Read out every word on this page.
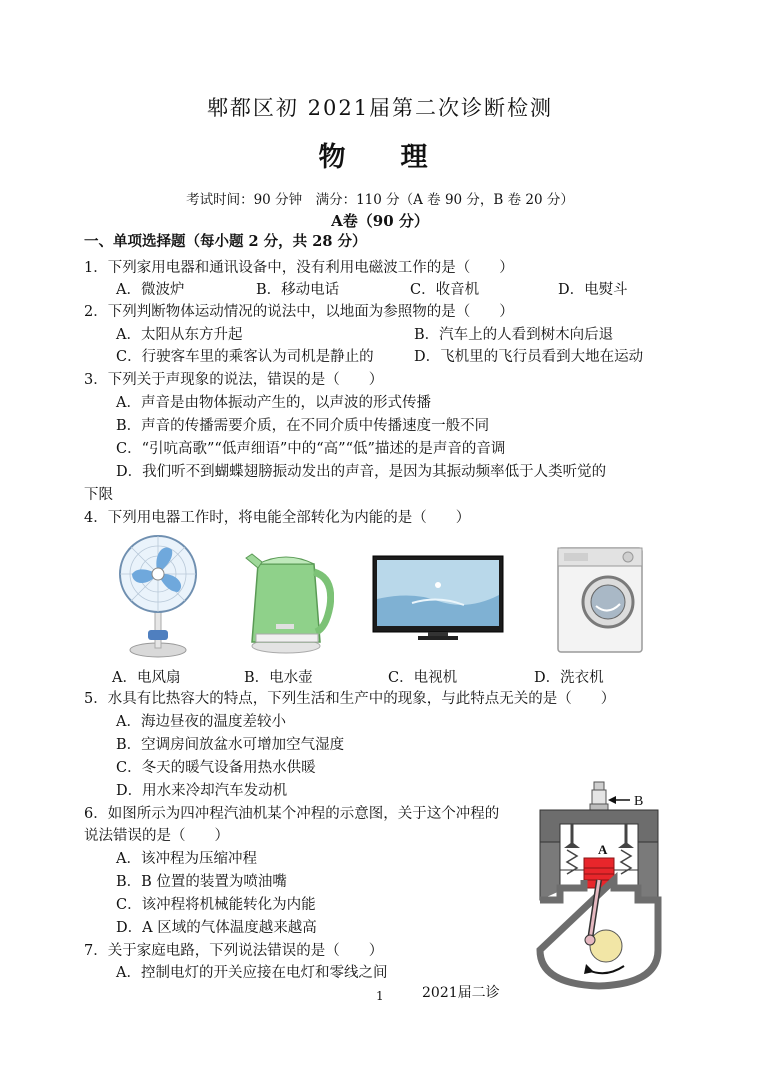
郫都区初 2021届第二次诊断检测
物　理
考试时间：90 分钟　满分：110 分（A 卷 90 分，B 卷 20 分）
A卷（90 分）
一、单项选择题（每小题 2 分，共 28 分）
1．下列家用电器和通讯设备中，没有利用电磁波工作的是（　　）
A．微波炉	B．移动电话	C．收音机	D．电熨斗
2．下列判断物体运动情况的说法中，以地面为参照物的是（　　）
A．太阳从东方升起	B．汽车上的人看到树木向后退
C．行驶客车里的乘客认为司机是静止的	D．飞机里的飞行员看到大地在运动
3．下列关于声现象的说法，错误的是（　　）
A．声音是由物体振动产生的，以声波的形式传播
B．声音的传播需要介质，在不同介质中传播速度一般不同
C．“引吭高歌”“低声细语”中的“高”“低”描述的是声音的音调
D．我们听不到蝴蝶翅膀振动发出的声音，是因为其振动频率低于人类听觉的
下限
4．下列用电器工作时，将电能全部转化为内能的是（　　）
A．电风扇	B．电水壶	C．电视机	D．洗衣机
5．水具有比热容大的特点，下列生活和生产中的现象，与此特点无关的是（　　）
A．海边昼夜的温度差较小
B．空调房间放盆水可增加空气湿度
C．冬天的暖气设备用热水供暖
D．用水来冷却汽车发动机
6．如图所示为四冲程汽油机某个冲程的示意图，关于这个冲程的
说法错误的是（　　）
A．该冲程为压缩冲程
B．B 位置的装置为喷油嘴
C．该冲程将机械能转化为内能
D．A 区域的气体温度越来越高
A
B
7．关于家庭电路，下列说法错误的是（　　）
A．控制电灯的开关应接在电灯和零线之间
1	2021届二诊
